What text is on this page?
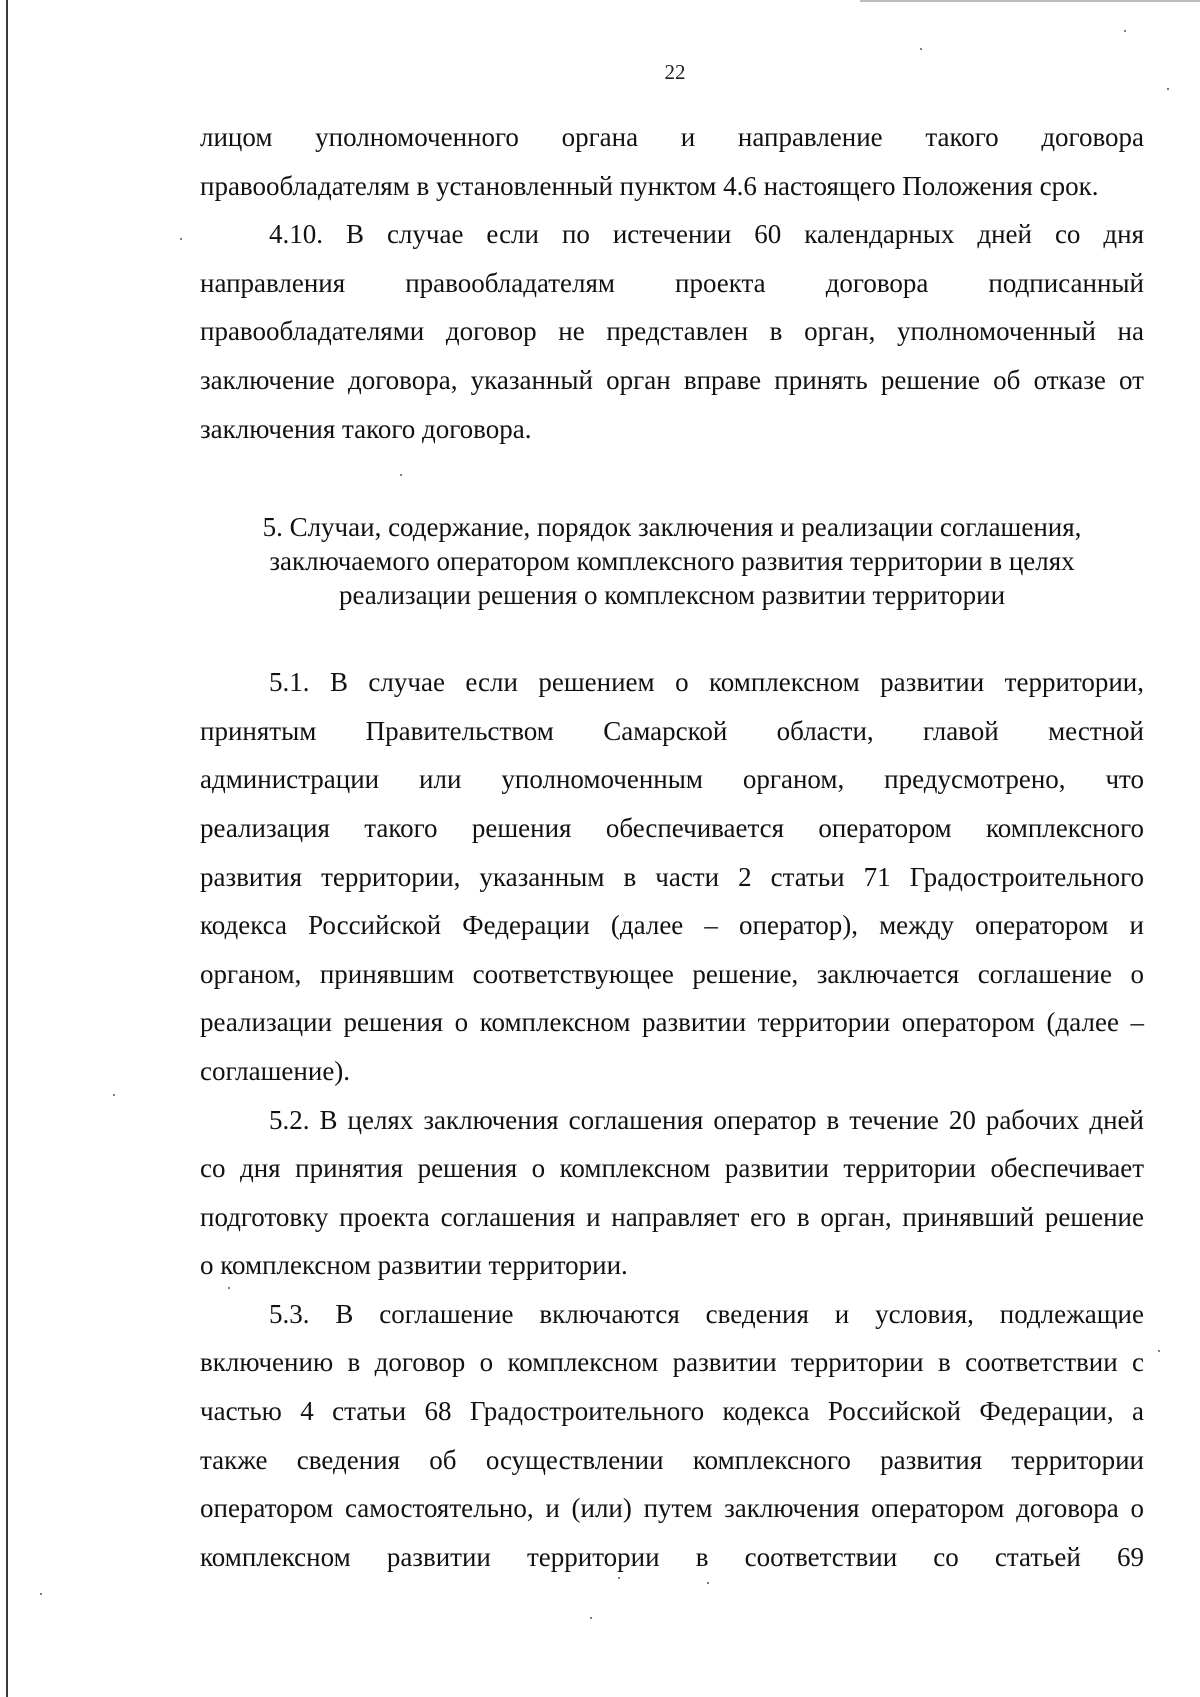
22
лицом уполномоченного органа и направление такого договора
правообладателям в установленный пунктом 4.6 настоящего Положения срок.
4.10. В случае если по истечении 60 календарных дней со дня
направления правообладателям проекта договора подписанный
правообладателями договор не представлен в орган, уполномоченный на
заключение договора, указанный орган вправе принять решение об отказе от
заключения такого договора.
5. Случаи, содержание, порядок заключения и реализации соглашения,
заключаемого оператором комплексного развития территории в целях
реализации решения о комплексном развитии территории
5.1. В случае если решением о комплексном развитии территории,
принятым Правительством Самарской области, главой местной
администрации или уполномоченным органом, предусмотрено, что
реализация такого решения обеспечивается оператором комплексного
развития территории, указанным в части 2 статьи 71 Градостроительного
кодекса Российской Федерации (далее – оператор), между оператором и
органом, принявшим соответствующее решение, заключается соглашение о
реализации решения о комплексном развитии территории оператором (далее –
соглашение).
5.2. В целях заключения соглашения оператор в течение 20 рабочих дней
со дня принятия решения о комплексном развитии территории обеспечивает
подготовку проекта соглашения и направляет его в орган, принявший решение
о комплексном развитии территории.
5.3. В соглашение включаются сведения и условия, подлежащие
включению в договор о комплексном развитии территории в соответствии с
частью 4 статьи 68 Градостроительного кодекса Российской Федерации, а
также сведения об осуществлении комплексного развития территории
оператором самостоятельно, и (или) путем заключения оператором договора о
комплексном развитии территории в соответствии со статьей 69
